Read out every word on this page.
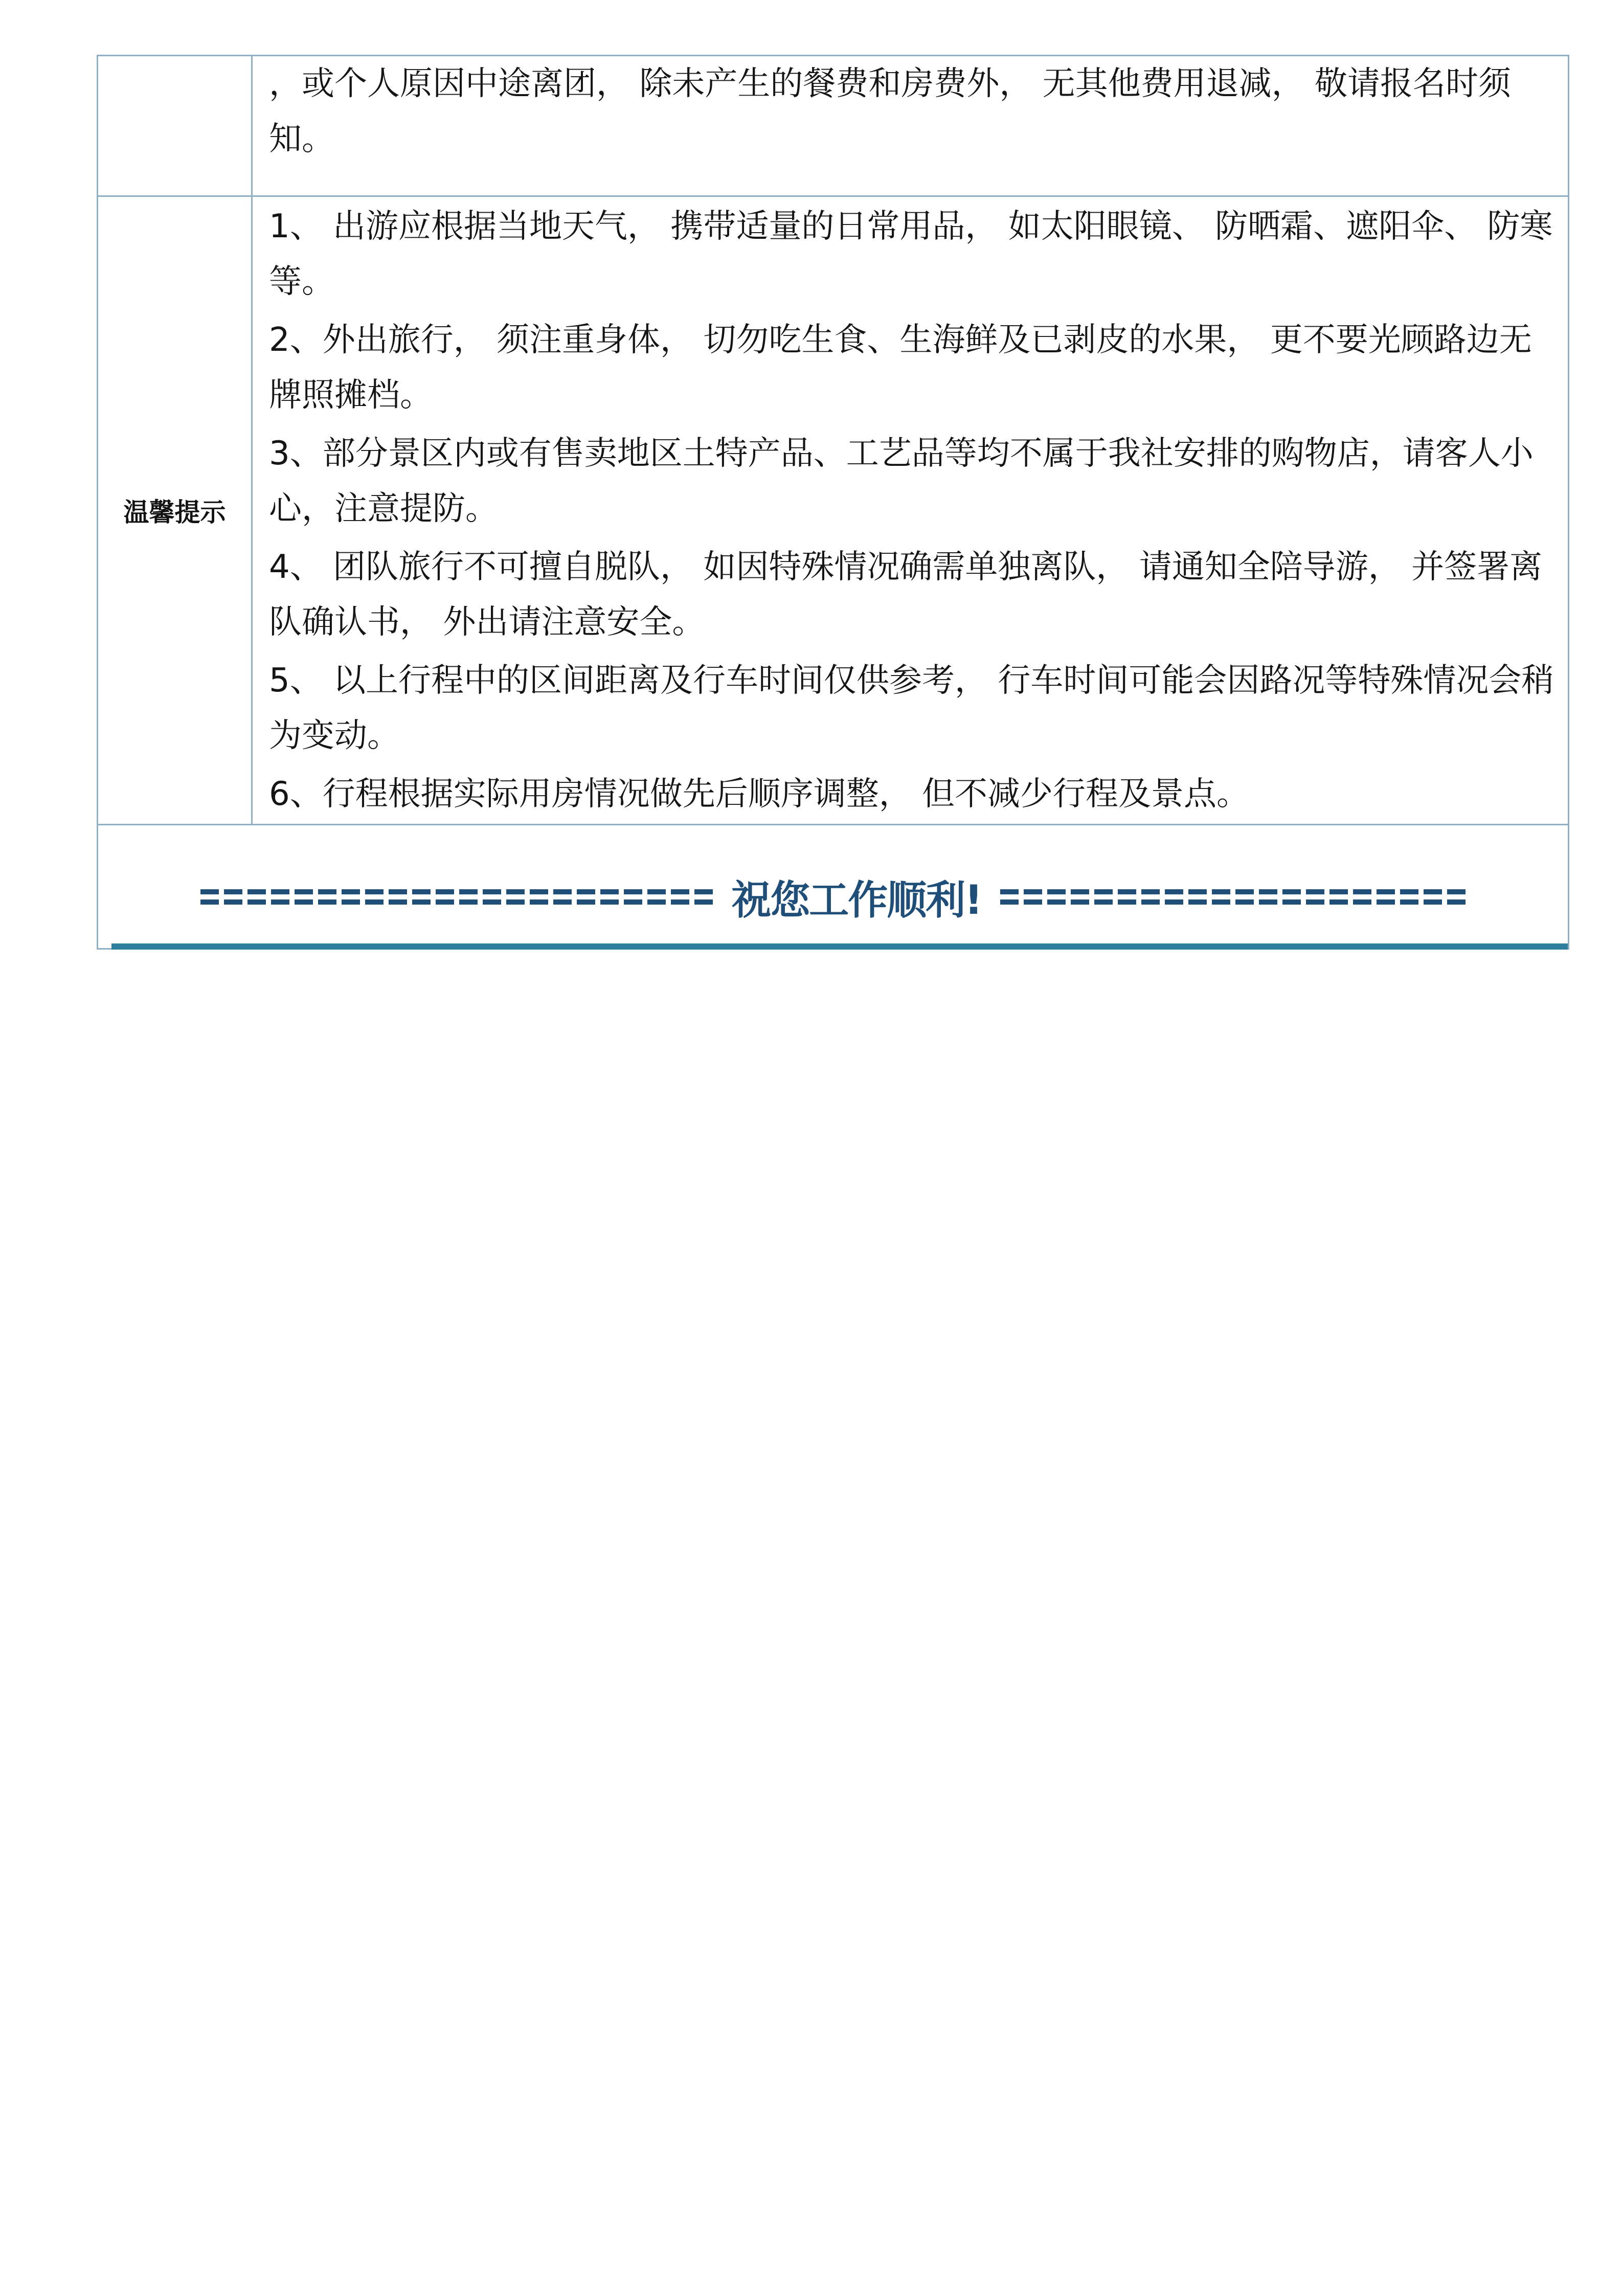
，或个人原因中途离团， 除未产生的餐费和房费外， 无其他费用退减， 敬请报名时须知。

温馨提示

1、 出游应根据当地天气， 携带适量的日常用品， 如太阳眼镜、 防晒霜、遮阳伞、 防寒等。

2、外出旅行， 须注重身体， 切勿吃生食、生海鲜及已剥皮的水果， 更不要光顾路边无牌照摊档。

3、部分景区内或有售卖地区土特产品、工艺品等均不属于我社安排的购物店，请客人小心，注意提防。

4、 团队旅行不可擅自脱队， 如因特殊情况确需单独离队， 请通知全陪导游， 并签署离队确认书， 外出请注意安全。

5、 以上行程中的区间距离及行车时间仅供参考， 行车时间可能会因路况等特殊情况会稍为变动。

6、行程根据实际用房情况做先后顺序调整， 但不减少行程及景点。

祝您工作顺利!
